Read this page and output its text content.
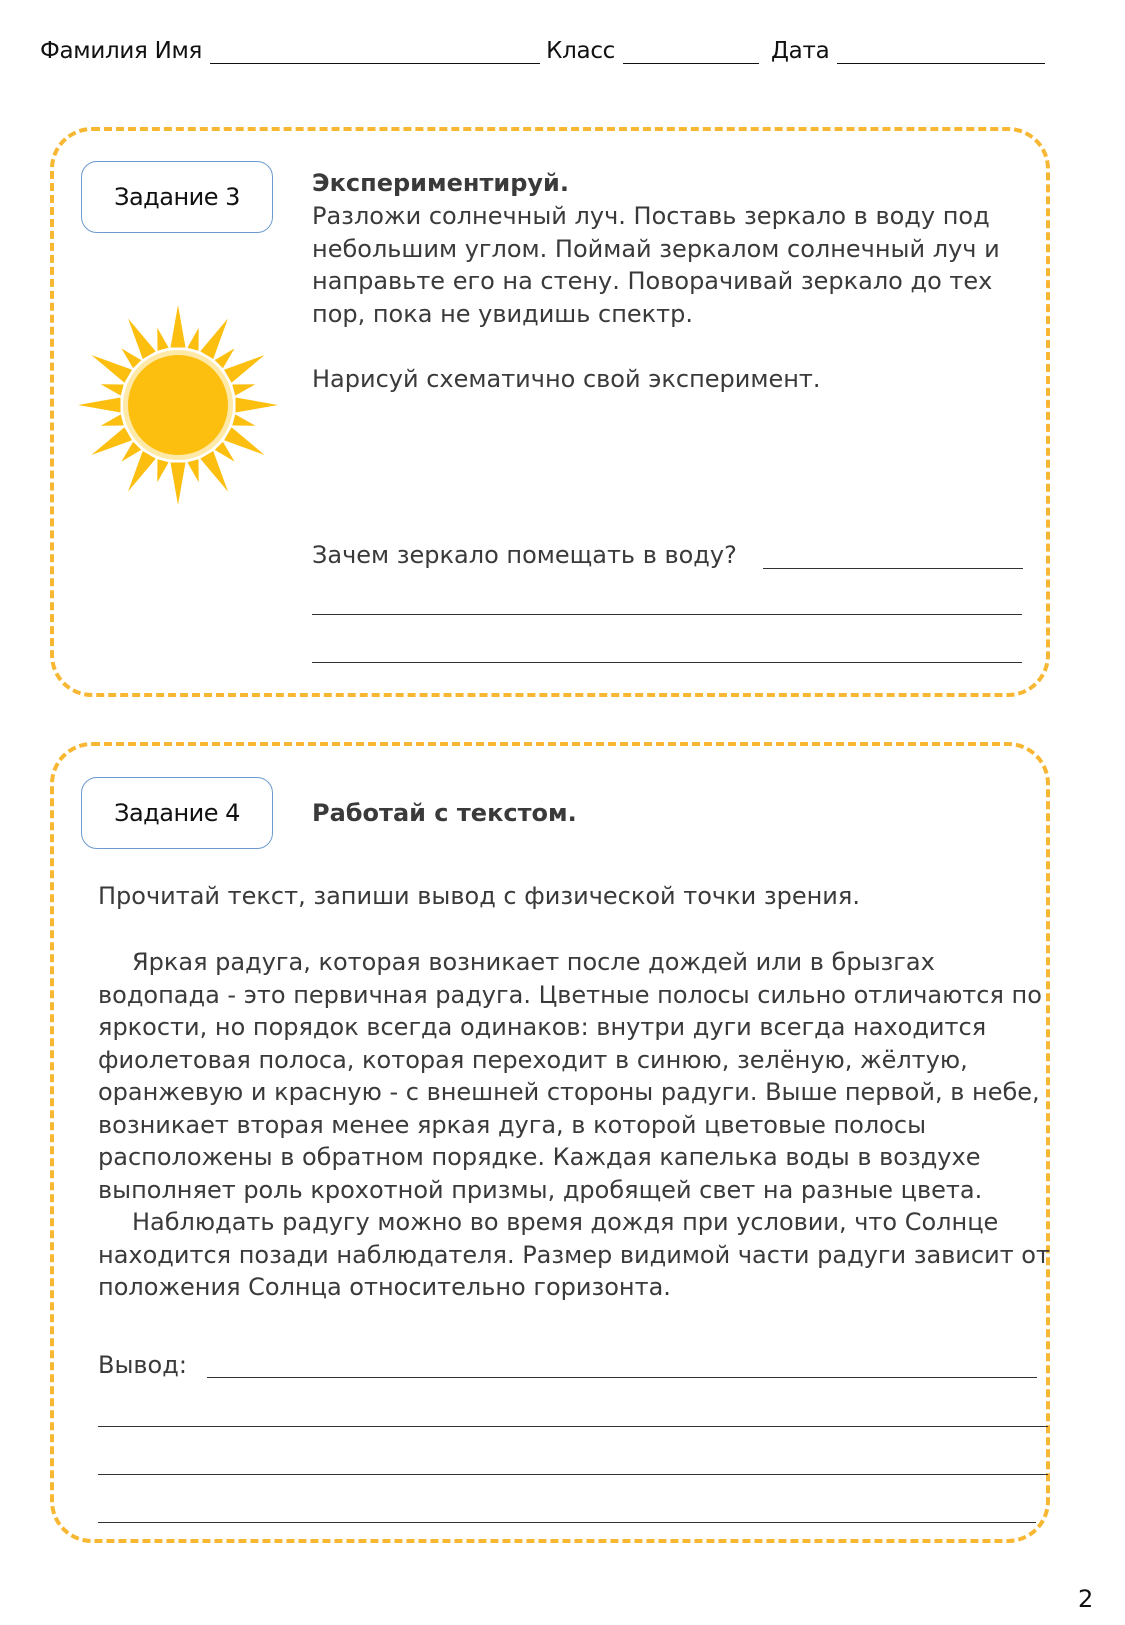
Фамилия Имя	Класс	Дата
Задание 3	Экспериментируй.
Разложи солнечный луч. Поставь зеркало в воду под небольшим углом. Поймай зеркалом солнечный луч и направьте его на стену. Поворачивай зеркало до тех пор, пока не увидишь спектр.
Нарисуй схематично свой эксперимент.
Зачем зеркало помещать в воду?
Задание 4	Работай с текстом.
Прочитай текст, запиши вывод с физической точки зрения.

Яркая радуга, которая возникает после дождей или в брызгах водопада - это первичная радуга. Цветные полосы сильно отличаются по яркости, но порядок всегда одинаков: внутри дуги всегда находится фиолетовая полоса, которая переходит в синюю, зелёную, жёлтую, оранжевую и красную - с внешней стороны радуги. Выше первой, в небе, возникает вторая менее яркая дуга, в которой цветовые полосы расположены в обратном порядке. Каждая капелька воды в воздухе выполняет роль крохотной призмы, дробящей свет на разные цвета.

Наблюдать радугу можно во время дождя при условии, что Солнце находится позади наблюдателя. Размер видимой части радуги зависит от положения Солнца относительно горизонта.

Вывод:
2
